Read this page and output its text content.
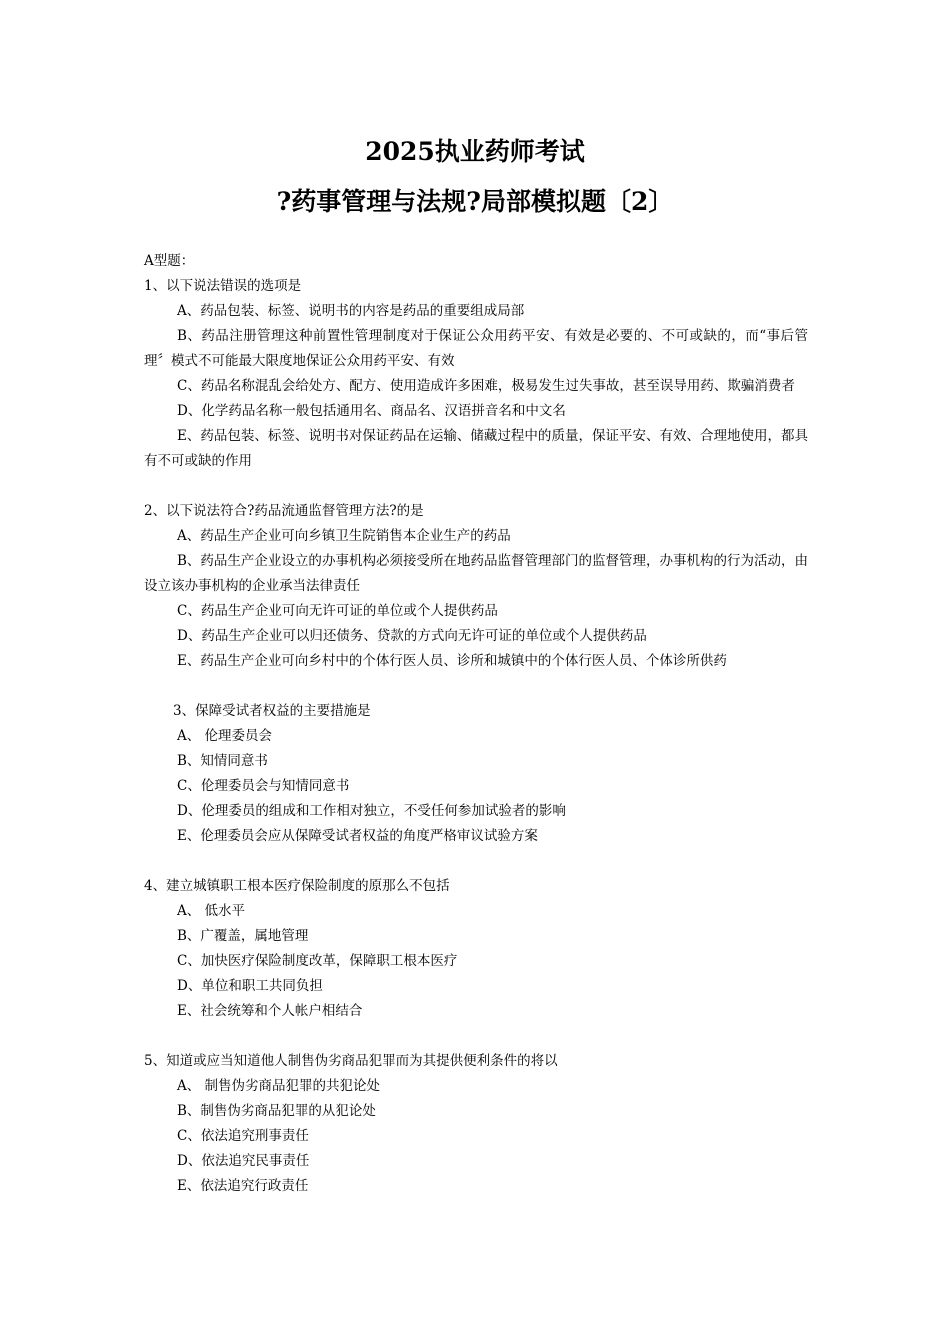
2025执业药师考试
?药事管理与法规?局部模拟题〔2〕

A型题：

1、以下说法错误的选项是

A、药品包装、标签、说明书的内容是药品的重要组成局部

B、药品注册管理这种前置性管理制度对于保证公众用药平安、有效是必要的、不可或缺的，而“事后管理〞模式不可能最大限度地保证公众用药平安、有效

C、药品名称混乱会给处方、配方、使用造成许多困难，极易发生过失事故，甚至误导用药、欺骗消费者

D、化学药品名称一般包括通用名、商品名、汉语拼音名和中文名

E、药品包装、标签、说明书对保证药品在运输、储藏过程中的质量，保证平安、有效、合理地使用，都具有不可或缺的作用

2、以下说法符合?药品流通监督管理方法?的是

A、药品生产企业可向乡镇卫生院销售本企业生产的药品

B、药品生产企业设立的办事机构必须接受所在地药品监督管理部门的监督管理，办事机构的行为活动，由设立该办事机构的企业承当法律责任

C、药品生产企业可向无许可证的单位或个人提供药品

D、药品生产企业可以归还债务、贷款的方式向无许可证的单位或个人提供药品

E、药品生产企业可向乡村中的个体行医人员、诊所和城镇中的个体行医人员、个体诊所供药

3、保障受试者权益的主要措施是

A、 伦理委员会

B、知情同意书

C、伦理委员会与知情同意书

D、伦理委员的组成和工作相对独立，不受任何参加试验者的影响

E、伦理委员会应从保障受试者权益的角度严格审议试验方案

4、建立城镇职工根本医疗保险制度的原那么不包括

A、 低水平

B、广覆盖，属地管理

C、加快医疗保险制度改革，保障职工根本医疗

D、单位和职工共同负担

E、社会统筹和个人帐户相结合

5、知道或应当知道他人制售伪劣商品犯罪而为其提供便利条件的将以

A、 制售伪劣商品犯罪的共犯论处

B、制售伪劣商品犯罪的从犯论处

C、依法追究刑事责任

D、依法追究民事责任

E、依法追究行政责任
